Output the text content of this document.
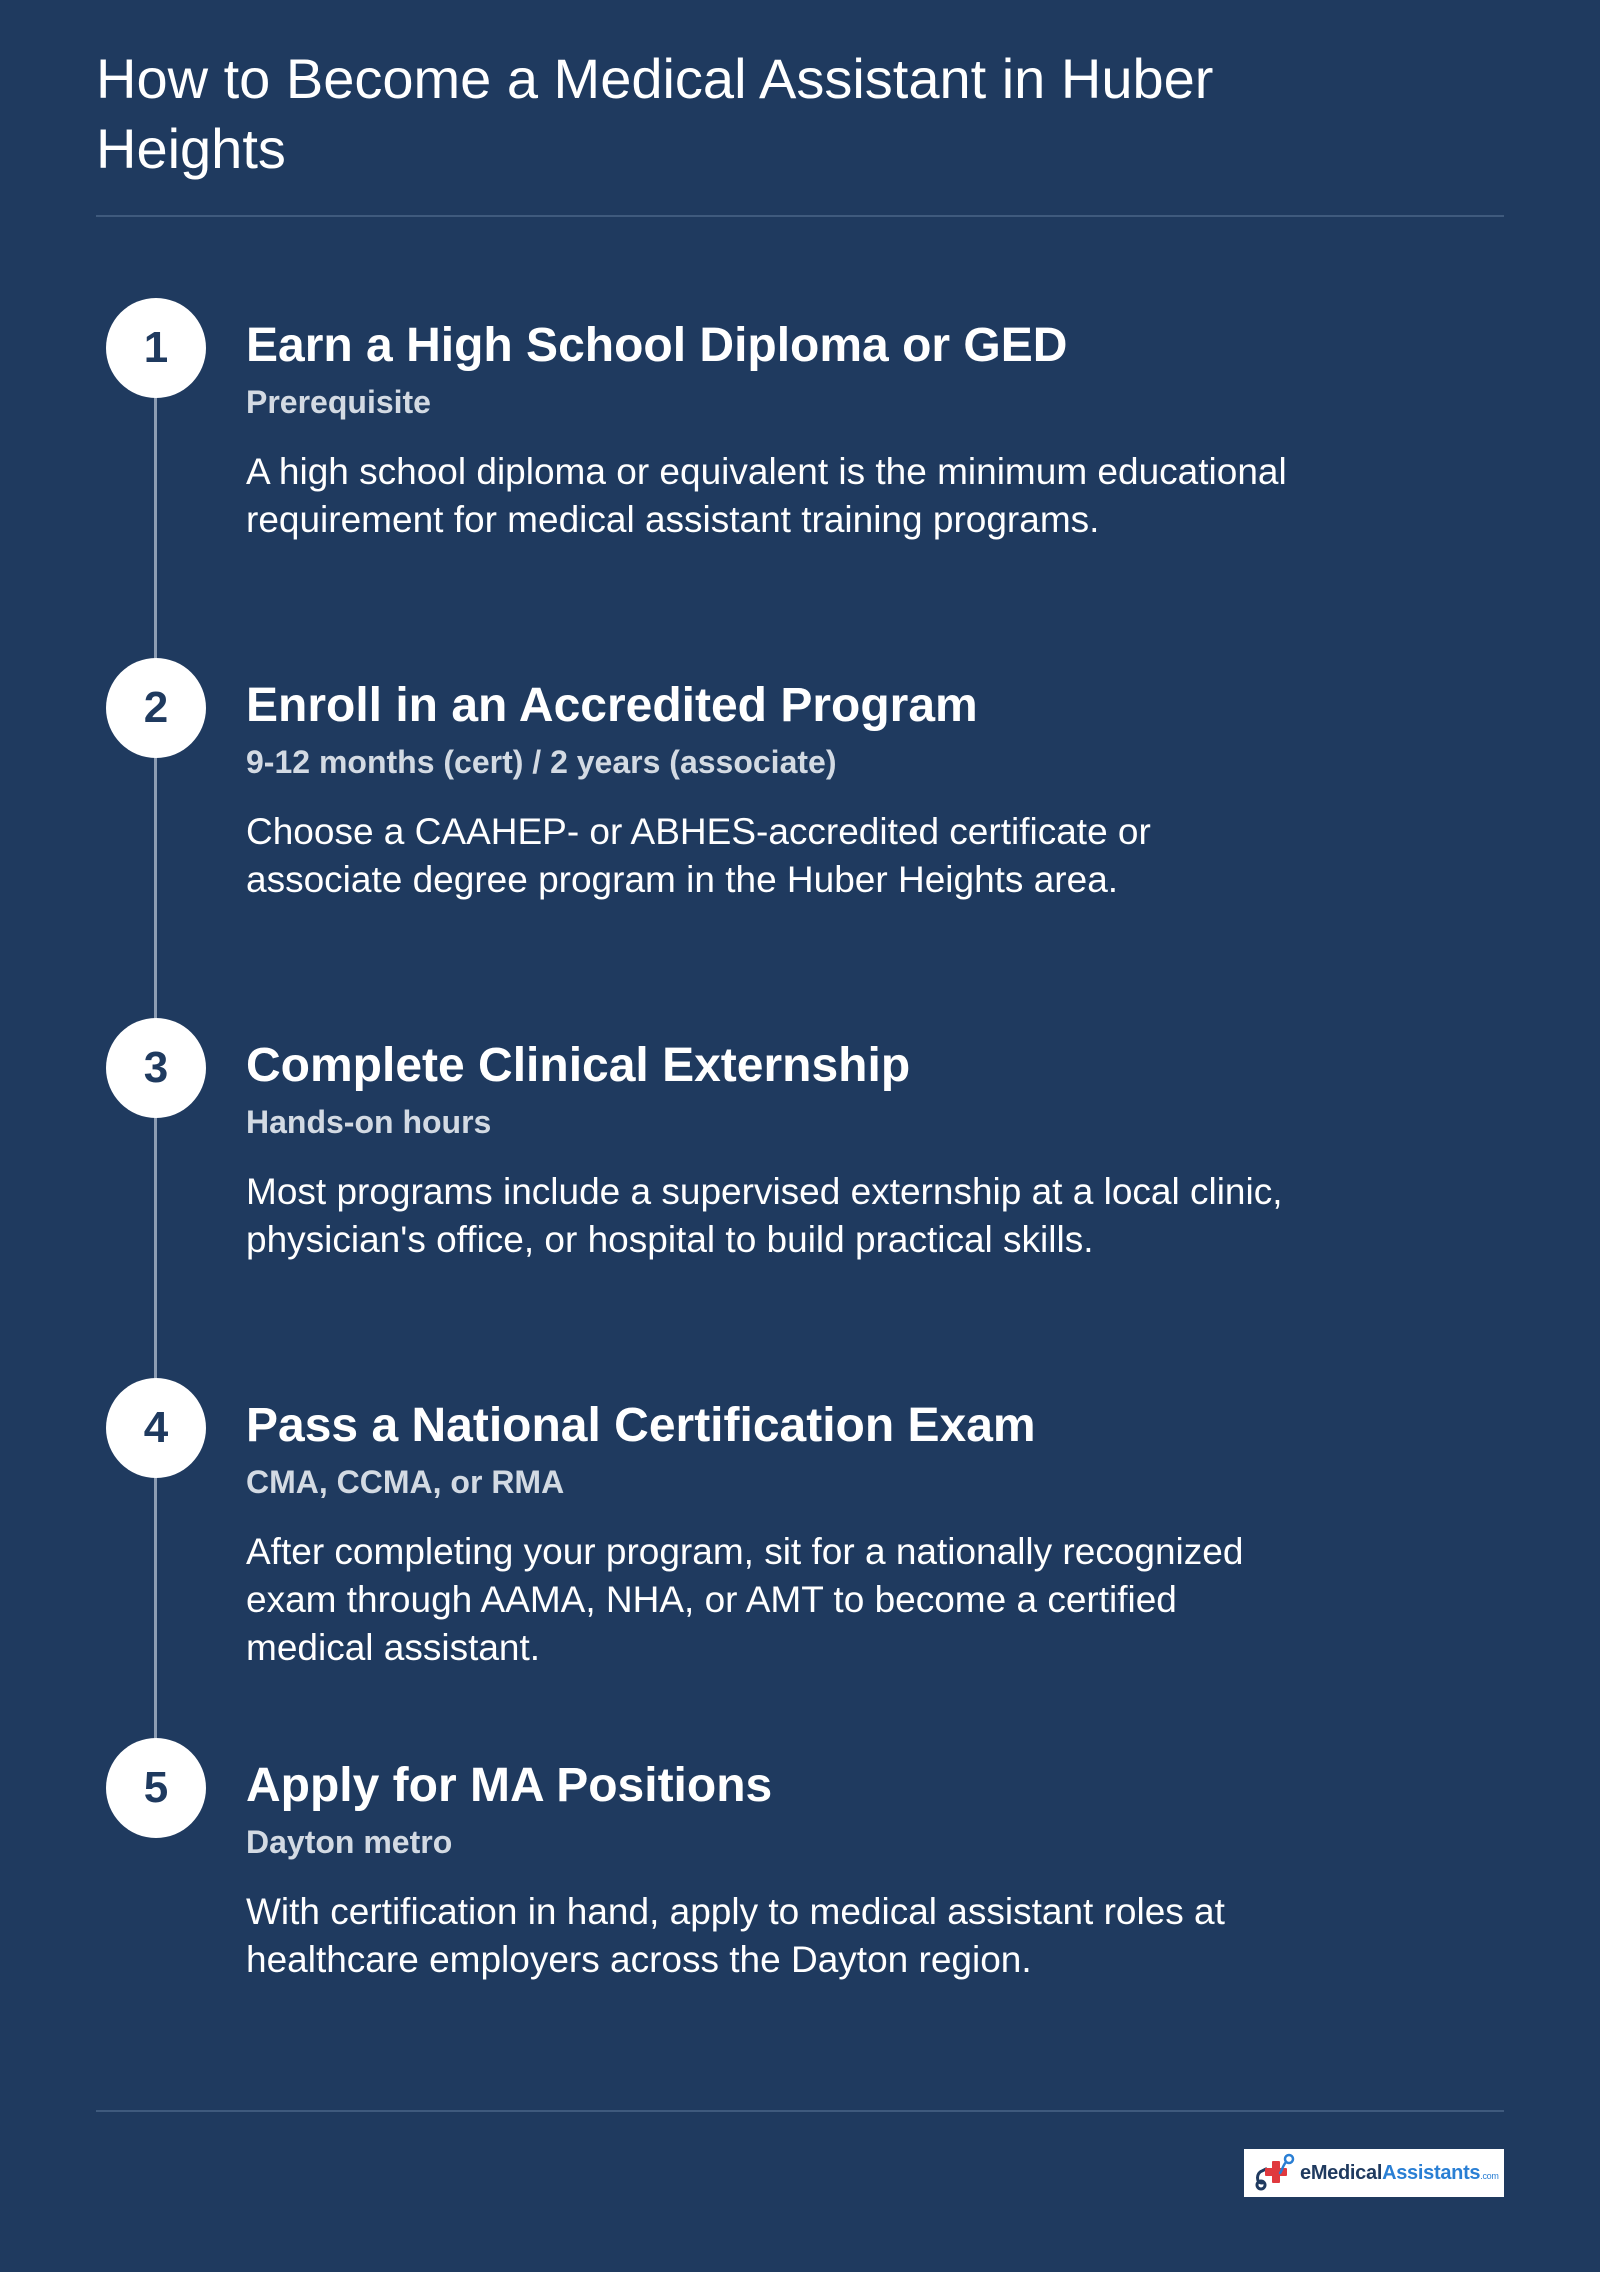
How to Become a Medical Assistant in Huber Heights
1	Earn a High School Diploma or GED
Prerequisite

A high school diploma or equivalent is the minimum educational requirement for medical assistant training programs.

2	Enroll in an Accredited Program
9-12 months (cert) / 2 years (associate)

Choose a CAAHEP- or ABHES-accredited certificate or associate degree program in the Huber Heights area.

3	Complete Clinical Externship
Hands-on hours

Most programs include a supervised externship at a local clinic, physician's office, or hospital to build practical skills.

4	Pass a National Certification Exam
CMA, CCMA, or RMA

After completing your program, sit for a nationally recognized exam through AAMA, NHA, or AMT to become a certified medical assistant.

5	Apply for MA Positions
Dayton metro

With certification in hand, apply to medical assistant roles at healthcare employers across the Dayton region.

eMedicalAssistants.com
